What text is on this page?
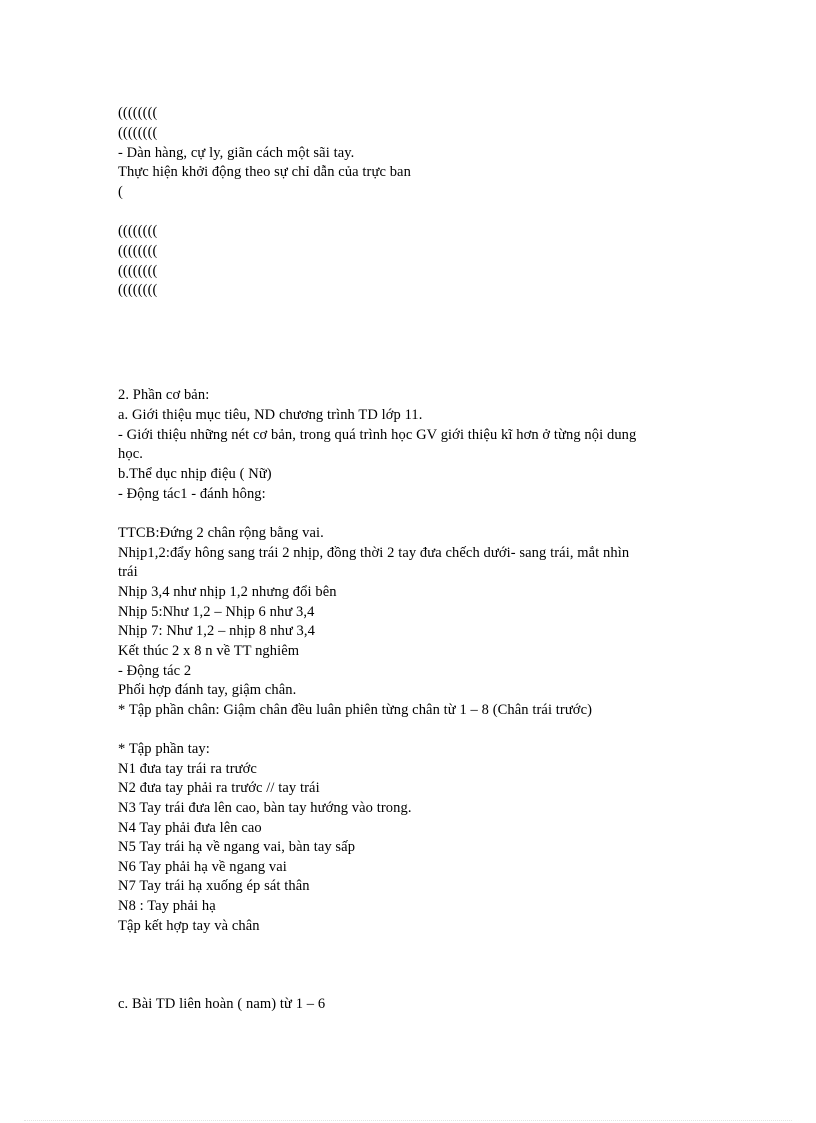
((((((((
((((((((
- Dàn hàng, cự ly, giãn cách một sãi tay.
Thực hiện khởi động theo sự chỉ dẫn của trực ban
(
((((((((
((((((((
((((((((
((((((((
2. Phần cơ bản:
a. Giới thiệu mục tiêu, ND chương trình TD lớp 11.
- Giới thiệu những nét cơ bản, trong quá trình học GV giới thiệu kĩ hơn ở từng nội dung
học.
b.Thể dục nhịp điệu ( Nữ)
- Động tác1 - đánh hông:
TTCB:Đứng 2 chân rộng bằng vai.
Nhịp1,2:đẩy hông sang trái 2 nhịp, đồng thời 2 tay đưa chếch dưới- sang trái, mắt nhìn
trái
Nhịp 3,4 như nhịp 1,2 nhưng đổi bên
Nhịp 5:Như 1,2 – Nhịp 6 như 3,4
Nhịp 7: Như 1,2 – nhịp 8 như 3,4
Kết thúc 2 x 8 n về TT nghiêm
- Động tác 2
Phối hợp đánh tay, giậm chân.
* Tập phần chân: Giậm chân đều luân phiên từng chân từ 1 – 8 (Chân trái trước)
* Tập phần tay:
N1 đưa tay trái ra trước
N2 đưa tay phải ra trước // tay trái
N3 Tay trái đưa lên cao, bàn tay hướng vào trong.
N4 Tay phải đưa lên cao
N5 Tay trái hạ về ngang vai, bàn tay sấp
N6 Tay phải hạ về ngang vai
N7 Tay trái hạ xuống ép sát thân
N8 : Tay phải hạ
Tập kết hợp tay và chân
c. Bài TD liên hoàn ( nam) từ 1 – 6
